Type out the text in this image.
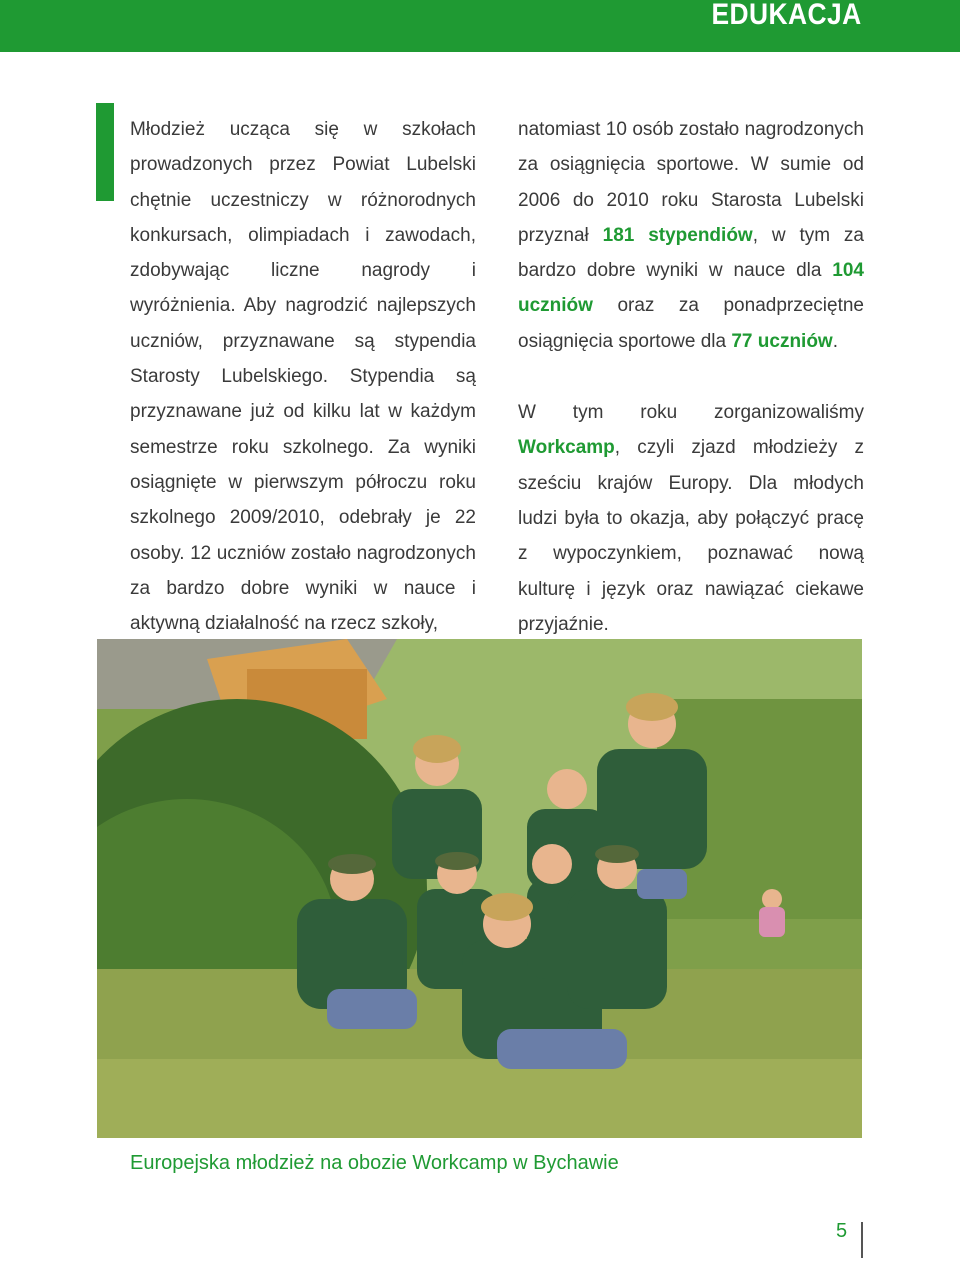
EDUKACJA

Młodzież ucząca się w szkołach prowadzonych przez Powiat Lubelski chętnie uczestniczy w różnorodnych konkursach, olimpiadach i zawodach, zdobywając liczne nagrody i wyróżnienia. Aby nagrodzić najlepszych uczniów, przyznawane są stypendia Starosty Lubelskiego. Stypendia są przyznawane już od kilku lat w każdym semestrze roku szkolnego. Za wyniki osiągnięte w pierwszym półroczu roku szkolnego 2009/2010, odebrały je 22 osoby. 12 uczniów zostało nagrodzonych za bardzo dobre wyniki w nauce i aktywną działalność na rzecz szkoły,

natomiast 10 osób zostało nagrodzonych za osiągnięcia sportowe. W sumie od 2006 do 2010 roku Starosta Lubelski przyznał 181 stypendiów, w tym za bardzo dobre wyniki w nauce dla 104 uczniów oraz za ponadprzeciętne osiągnięcia sportowe dla 77 uczniów.

W tym roku zorganizowaliśmy Workcamp, czyli zjazd młodzieży z sześciu krajów Europy. Dla młodych ludzi była to okazja, aby połączyć pracę z wypoczynkiem, poznawać nową kulturę i język oraz nawiązać ciekawe przyjaźnie.

Europejska młodzież na obozie Workcamp w Bychawie
5
